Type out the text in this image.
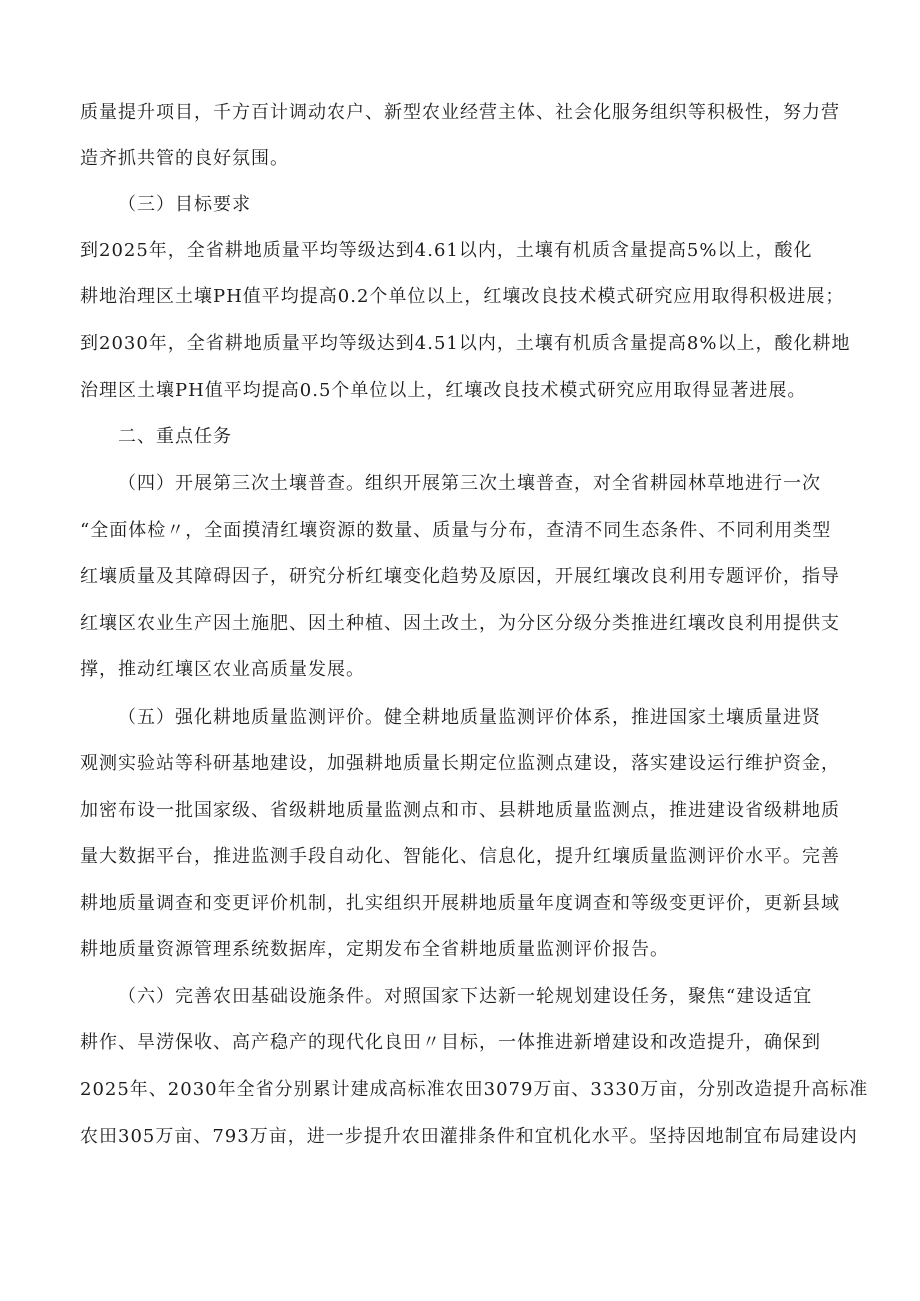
质量提升项目，千方百计调动农户、新型农业经营主体、社会化服务组织等积极性，努力营
造齐抓共管的良好氛围。
（三）目标要求
到2025年，全省耕地质量平均等级达到4.61以内，土壤有机质含量提高5%以上，酸化
耕地治理区土壤PH值平均提高0.2个单位以上，红壤改良技术模式研究应用取得积极进展；
到2030年，全省耕地质量平均等级达到4.51以内，土壤有机质含量提高8%以上，酸化耕地
治理区土壤PH值平均提高0.5个单位以上，红壤改良技术模式研究应用取得显著进展。
二、重点任务
（四）开展第三次土壤普查。组织开展第三次土壤普查，对全省耕园林草地进行一次
“全面体检〃，全面摸清红壤资源的数量、质量与分布，查清不同生态条件、不同利用类型
红壤质量及其障碍因子，研究分析红壤变化趋势及原因，开展红壤改良利用专题评价，指导
红壤区农业生产因土施肥、因土种植、因土改土，为分区分级分类推进红壤改良利用提供支
撑，推动红壤区农业高质量发展。
（五）强化耕地质量监测评价。健全耕地质量监测评价体系，推进国家土壤质量进贤
观测实验站等科研基地建设，加强耕地质量长期定位监测点建设，落实建设运行维护资金，
加密布设一批国家级、省级耕地质量监测点和市、县耕地质量监测点，推进建设省级耕地质
量大数据平台，推进监测手段自动化、智能化、信息化，提升红壤质量监测评价水平。完善
耕地质量调查和变更评价机制，扎实组织开展耕地质量年度调查和等级变更评价，更新县域
耕地质量资源管理系统数据库，定期发布全省耕地质量监测评价报告。
（六）完善农田基础设施条件。对照国家下达新一轮规划建设任务，聚焦“建设适宜
耕作、旱涝保收、高产稳产的现代化良田〃目标，一体推进新增建设和改造提升，确保到
2025年、2030年全省分别累计建成高标准农田3079万亩、3330万亩，分别改造提升高标准
农田305万亩、793万亩，进一步提升农田灌排条件和宜机化水平。坚持因地制宜布局建设内
